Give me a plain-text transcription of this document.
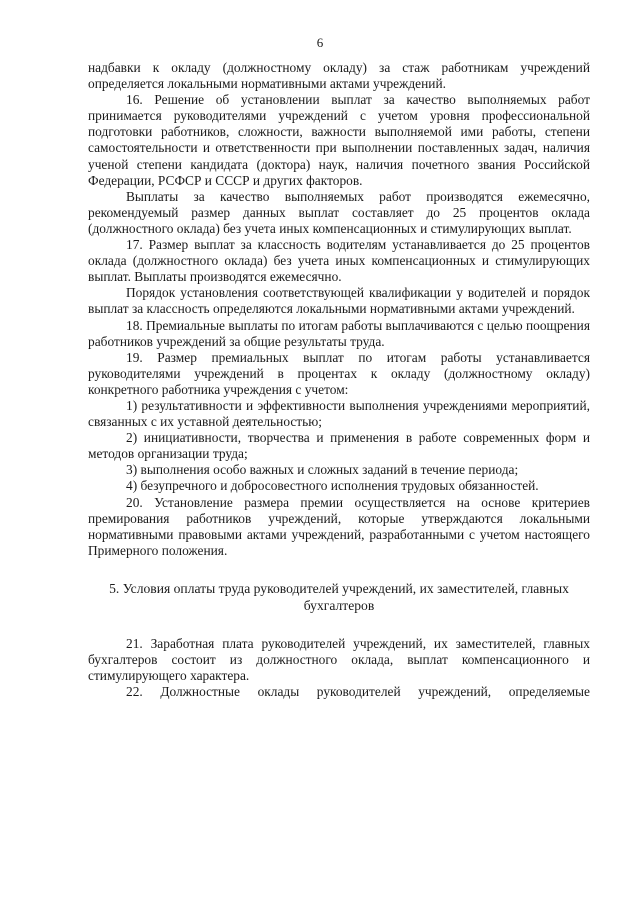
6

надбавки к окладу (должностному окладу) за стаж работникам учреждений определяется локальными нормативными актами учреждений.

16. Решение об установлении выплат за качество выполняемых работ принимается руководителями учреждений с учетом уровня профессиональной подготовки работников, сложности, важности выполняемой ими работы, степени самостоятельности и ответственности при выполнении поставленных задач, наличия ученой степени кандидата (доктора) наук, наличия почетного звания Российской Федерации, РСФСР и СССР и других факторов.

Выплаты за качество выполняемых работ производятся ежемесячно, рекомендуемый размер данных выплат составляет до 25 процентов оклада (должностного оклада) без учета иных компенсационных и стимулирующих выплат.

17. Размер выплат за классность водителям устанавливается до 25 процентов оклада (должностного оклада) без учета иных компенсационных и стимулирующих выплат. Выплаты производятся ежемесячно.

Порядок установления соответствующей квалификации у водителей и порядок выплат за классность определяются локальными нормативными актами учреждений.

18. Премиальные выплаты по итогам работы выплачиваются с целью поощрения работников учреждений за общие результаты труда.

19. Размер премиальных выплат по итогам работы устанавливается руководителями учреждений в процентах к окладу (должностному окладу) конкретного работника учреждения с учетом:

1) результативности и эффективности выполнения учреждениями мероприятий, связанных с их уставной деятельностью;

2) инициативности, творчества и применения в работе современных форм и методов организации труда;

3) выполнения особо важных и сложных заданий в течение периода;

4) безупречного и добросовестного исполнения трудовых обязанностей.

20. Установление размера премии осуществляется на основе критериев премирования работников учреждений, которые утверждаются локальными нормативными правовыми актами учреждений, разработанными с учетом настоящего Примерного положения.

5. Условия оплаты труда руководителей учреждений, их заместителей, главных бухгалтеров

21. Заработная плата руководителей учреждений, их заместителей, главных бухгалтеров состоит из должностного оклада, выплат компенсационного и стимулирующего характера.

22. Должностные оклады руководителей учреждений, определяемые
